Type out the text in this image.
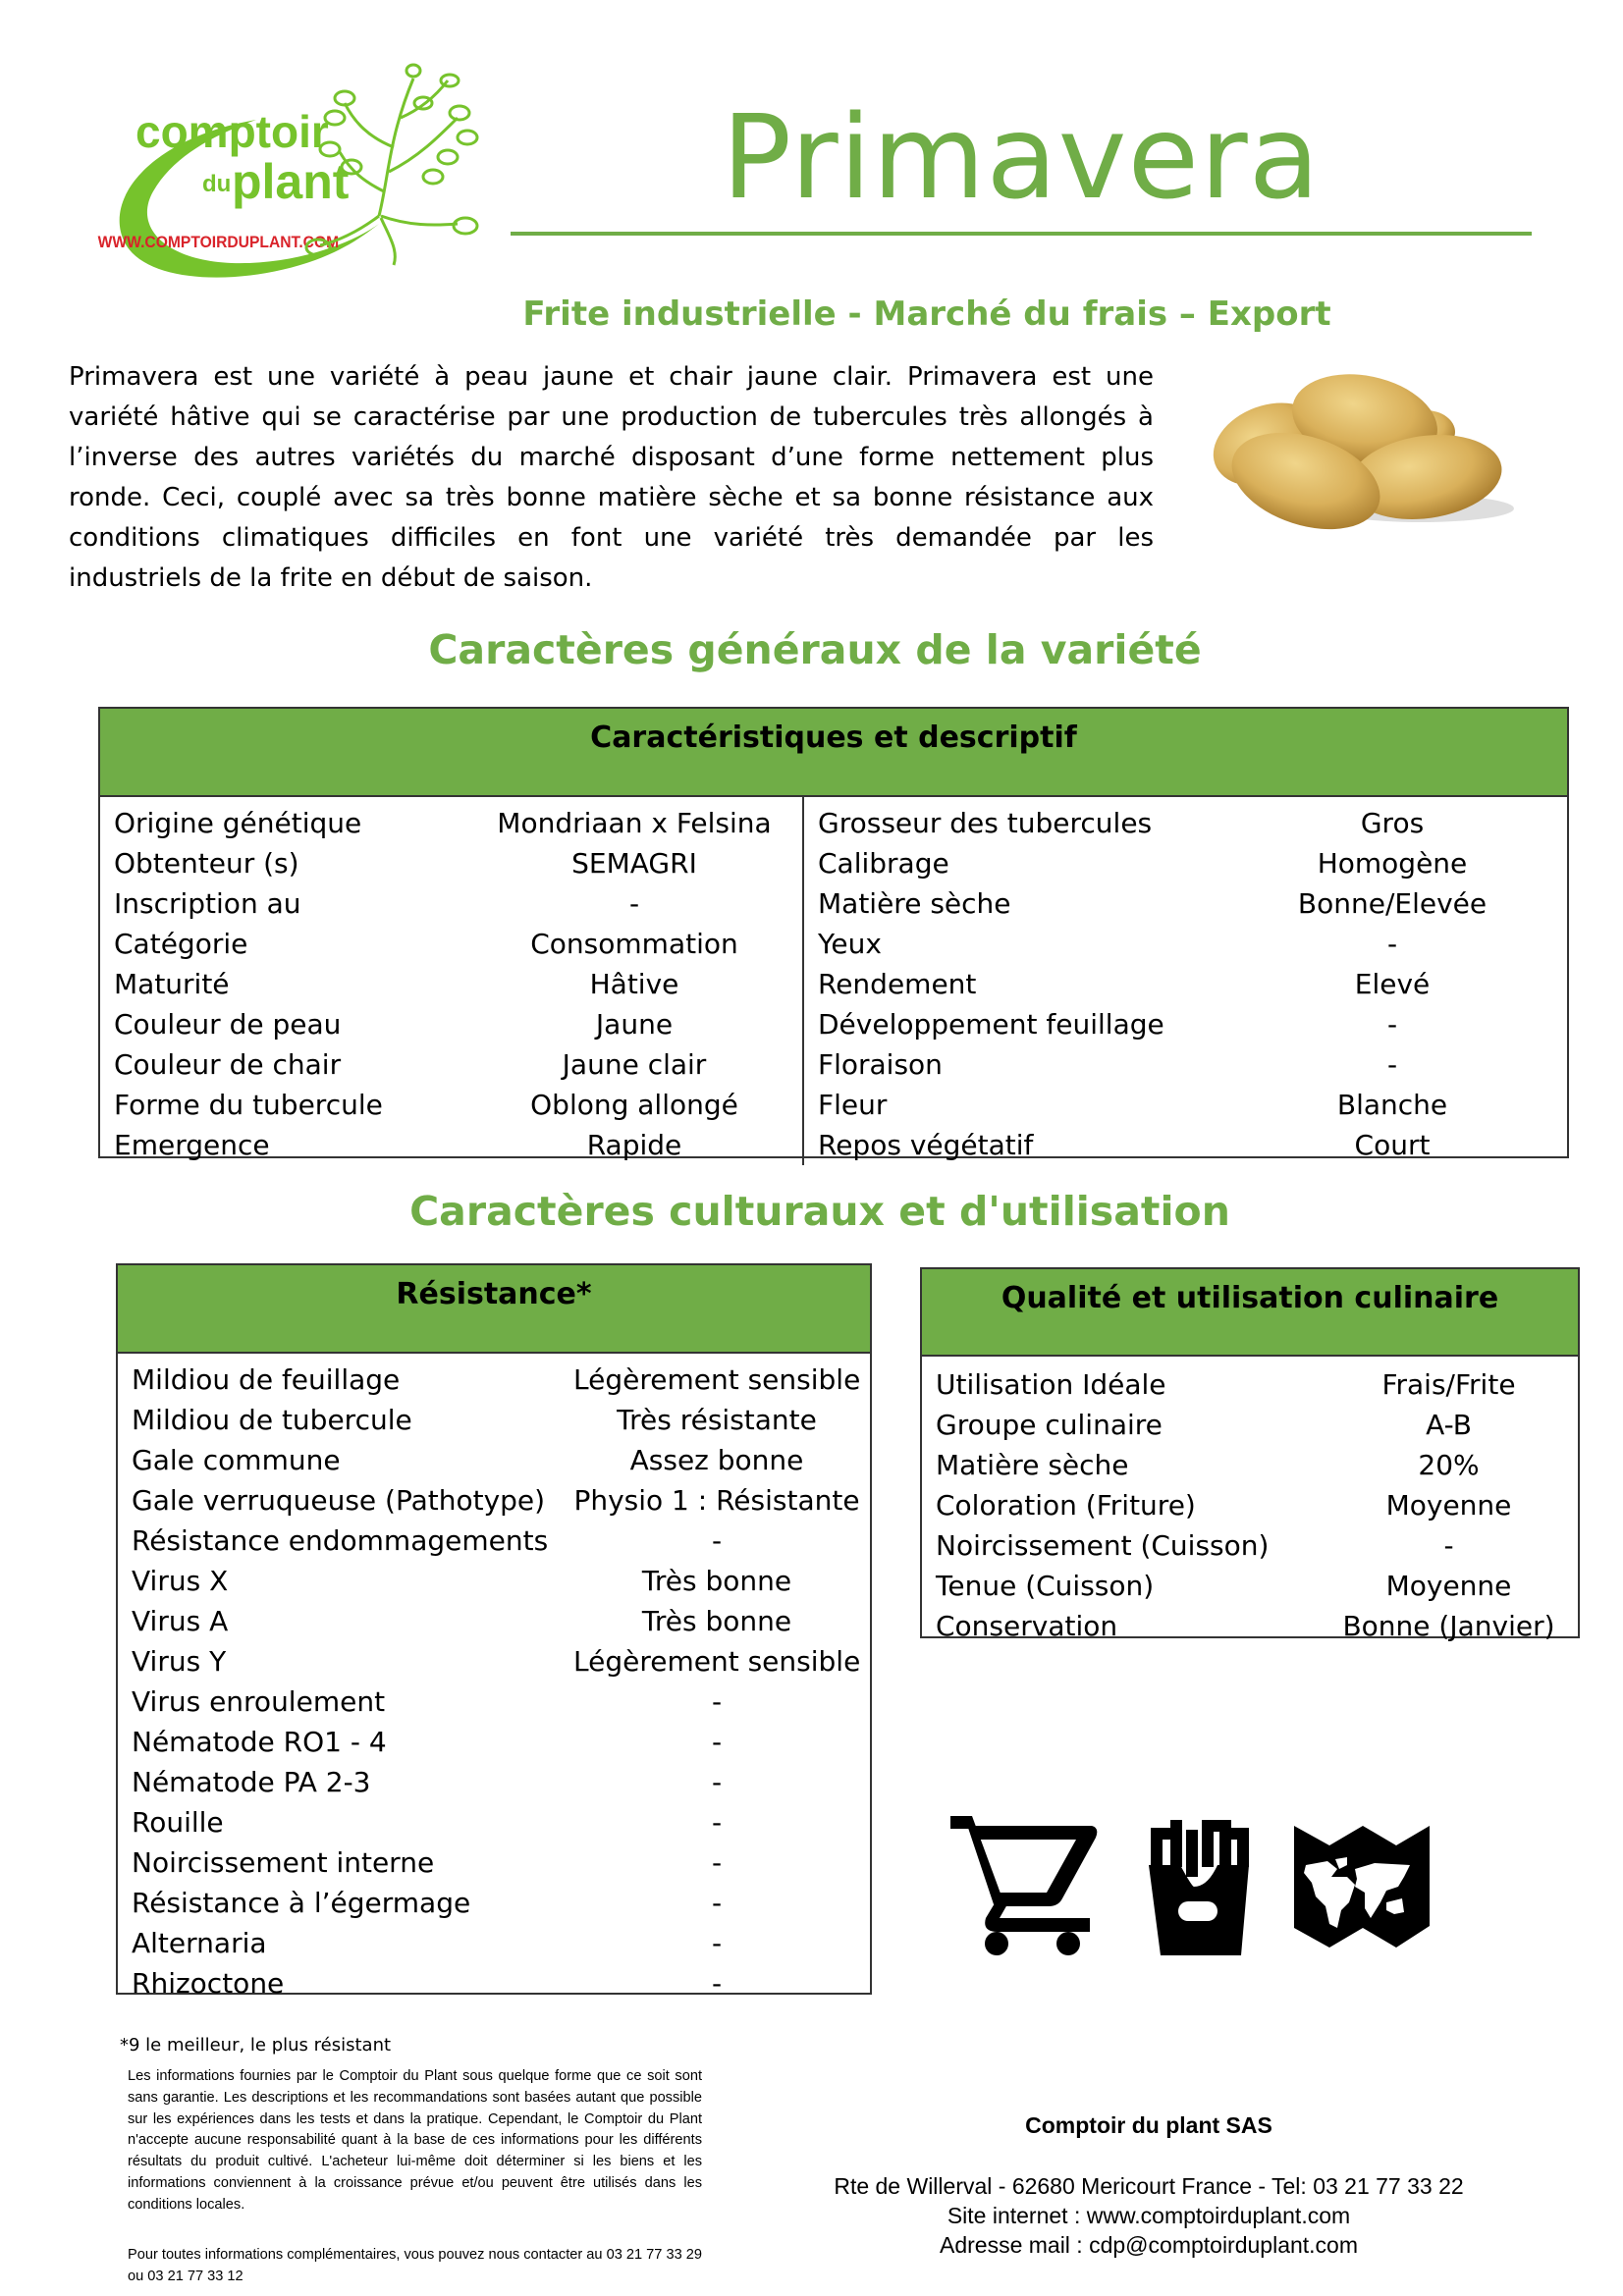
comptoir
du plant
WWW.COMPTOIRDUPLANT.COM
Primavera
Frite industrielle - Marché du frais – Export
Primavera est une variété à peau jaune et chair jaune clair. Primavera est une variété hâtive qui se caractérise par une production de tubercules très allongés à l’inverse des autres variétés du marché disposant d’une forme nettement plus ronde. Ceci, couplé avec sa très bonne matière sèche et sa bonne résistance aux conditions climatiques difficiles en font une variété très demandée par les industriels de la frite en début de saison.
Caractères généraux de la variété
Caractéristiques et descriptif
Origine génétique	Mondriaan x Felsina
Obtenteur (s)	SEMAGRI
Inscription au	-
Catégorie	Consommation
Maturité	Hâtive
Couleur de peau	Jaune
Couleur de chair	Jaune clair
Forme du tubercule	Oblong allongé
Emergence	Rapide
Grosseur des tubercules	Gros
Calibrage	Homogène
Matière sèche	Bonne/Elevée
Yeux	-
Rendement	Elevé
Développement feuillage	-
Floraison	-
Fleur	Blanche
Repos végétatif	Court
Caractères culturaux et d'utilisation
Résistance*
Mildiou de feuillage	Légèrement sensible
Mildiou de tubercule	Très résistante
Gale commune	Assez bonne
Gale verruqueuse (Pathotype)	Physio 1 : Résistante
Résistance endommagements	-
Virus X	Très bonne
Virus A	Très bonne
Virus Y	Légèrement sensible
Virus enroulement	-
Nématode RO1 - 4	-
Nématode PA 2-3	-
Rouille	-
Noircissement interne	-
Résistance à l’égermage	-
Alternaria	-
Rhizoctone	-
Qualité et utilisation culinaire
Utilisation Idéale	Frais/Frite
Groupe culinaire	A-B
Matière sèche	20%
Coloration (Friture)	Moyenne
Noircissement (Cuisson)	-
Tenue (Cuisson)	Moyenne
Conservation	Bonne (Janvier)
*9 le meilleur, le plus résistant
Les informations fournies par le Comptoir du Plant sous quelque forme que ce soit sont sans garantie. Les descriptions et les recommandations sont basées autant que possible sur les expériences dans les tests et dans la pratique. Cependant, le Comptoir du Plant n'accepte aucune responsabilité quant à la base de ces informations pour les différents résultats du produit cultivé. L'acheteur lui-même doit déterminer si les biens et les informations conviennent à la croissance prévue et/ou peuvent être utilisés dans les conditions locales.
Pour toutes informations complémentaires, vous pouvez nous contacter au 03 21 77 33 29 ou 03 21 77 33 12
Comptoir du plant SAS
Rte de Willerval - 62680 Mericourt France - Tel: 03 21 77 33 22
Site internet : www.comptoirduplant.com
Adresse mail : cdp@comptoirduplant.com
